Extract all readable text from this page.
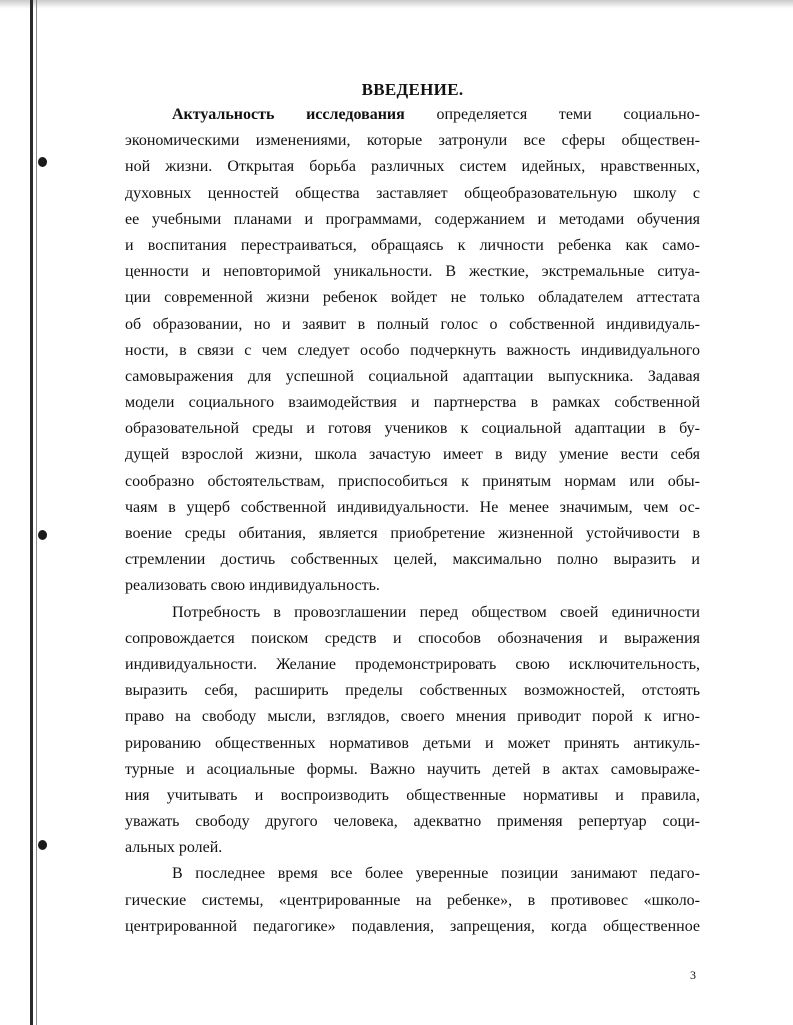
ВВЕДЕНИЕ.
Актуальность исследования определяется теми социально-
экономическими изменениями, которые затронули все сферы обществен-
ной жизни. Открытая борьба различных систем идейных, нравственных,
духовных ценностей общества заставляет общеобразовательную школу с
ее учебными планами и программами, содержанием и методами обучения
и воспитания перестраиваться, обращаясь к личности ребенка как само-
ценности и неповторимой уникальности. В жесткие, экстремальные ситуа-
ции современной жизни ребенок войдет не только обладателем аттестата
об образовании, но и заявит в полный голос о собственной индивидуаль-
ности, в связи с чем следует особо подчеркнуть важность индивидуального
самовыражения для успешной социальной адаптации выпускника. Задавая
модели социального взаимодействия и партнерства в рамках собственной
образовательной среды и готовя учеников к социальной адаптации в бу-
дущей взрослой жизни, школа зачастую имеет в виду умение вести себя
сообразно обстоятельствам, приспособиться к принятым нормам или обы-
чаям в ущерб собственной индивидуальности. Не менее значимым, чем ос-
воение среды обитания, является приобретение жизненной устойчивости в
стремлении достичь собственных целей, максимально полно выразить и
реализовать свою индивидуальность.
Потребность в провозглашении перед обществом своей единичности
сопровождается поиском средств и способов обозначения и выражения
индивидуальности. Желание продемонстрировать свою исключительность,
выразить себя, расширить пределы собственных возможностей, отстоять
право на свободу мысли, взглядов, своего мнения приводит порой к игно-
рированию общественных нормативов детьми и может принять антикуль-
турные и асоциальные формы. Важно научить детей в актах самовыраже-
ния учитывать и воспроизводить общественные нормативы и правила,
уважать свободу другого человека, адекватно применяя репертуар соци-
альных ролей.
В последнее время все более уверенные позиции занимают педаго-
гические системы, «центрированные на ребенке», в противовес «школо-
центрированной педагогике» подавления, запрещения, когда общественное
3
